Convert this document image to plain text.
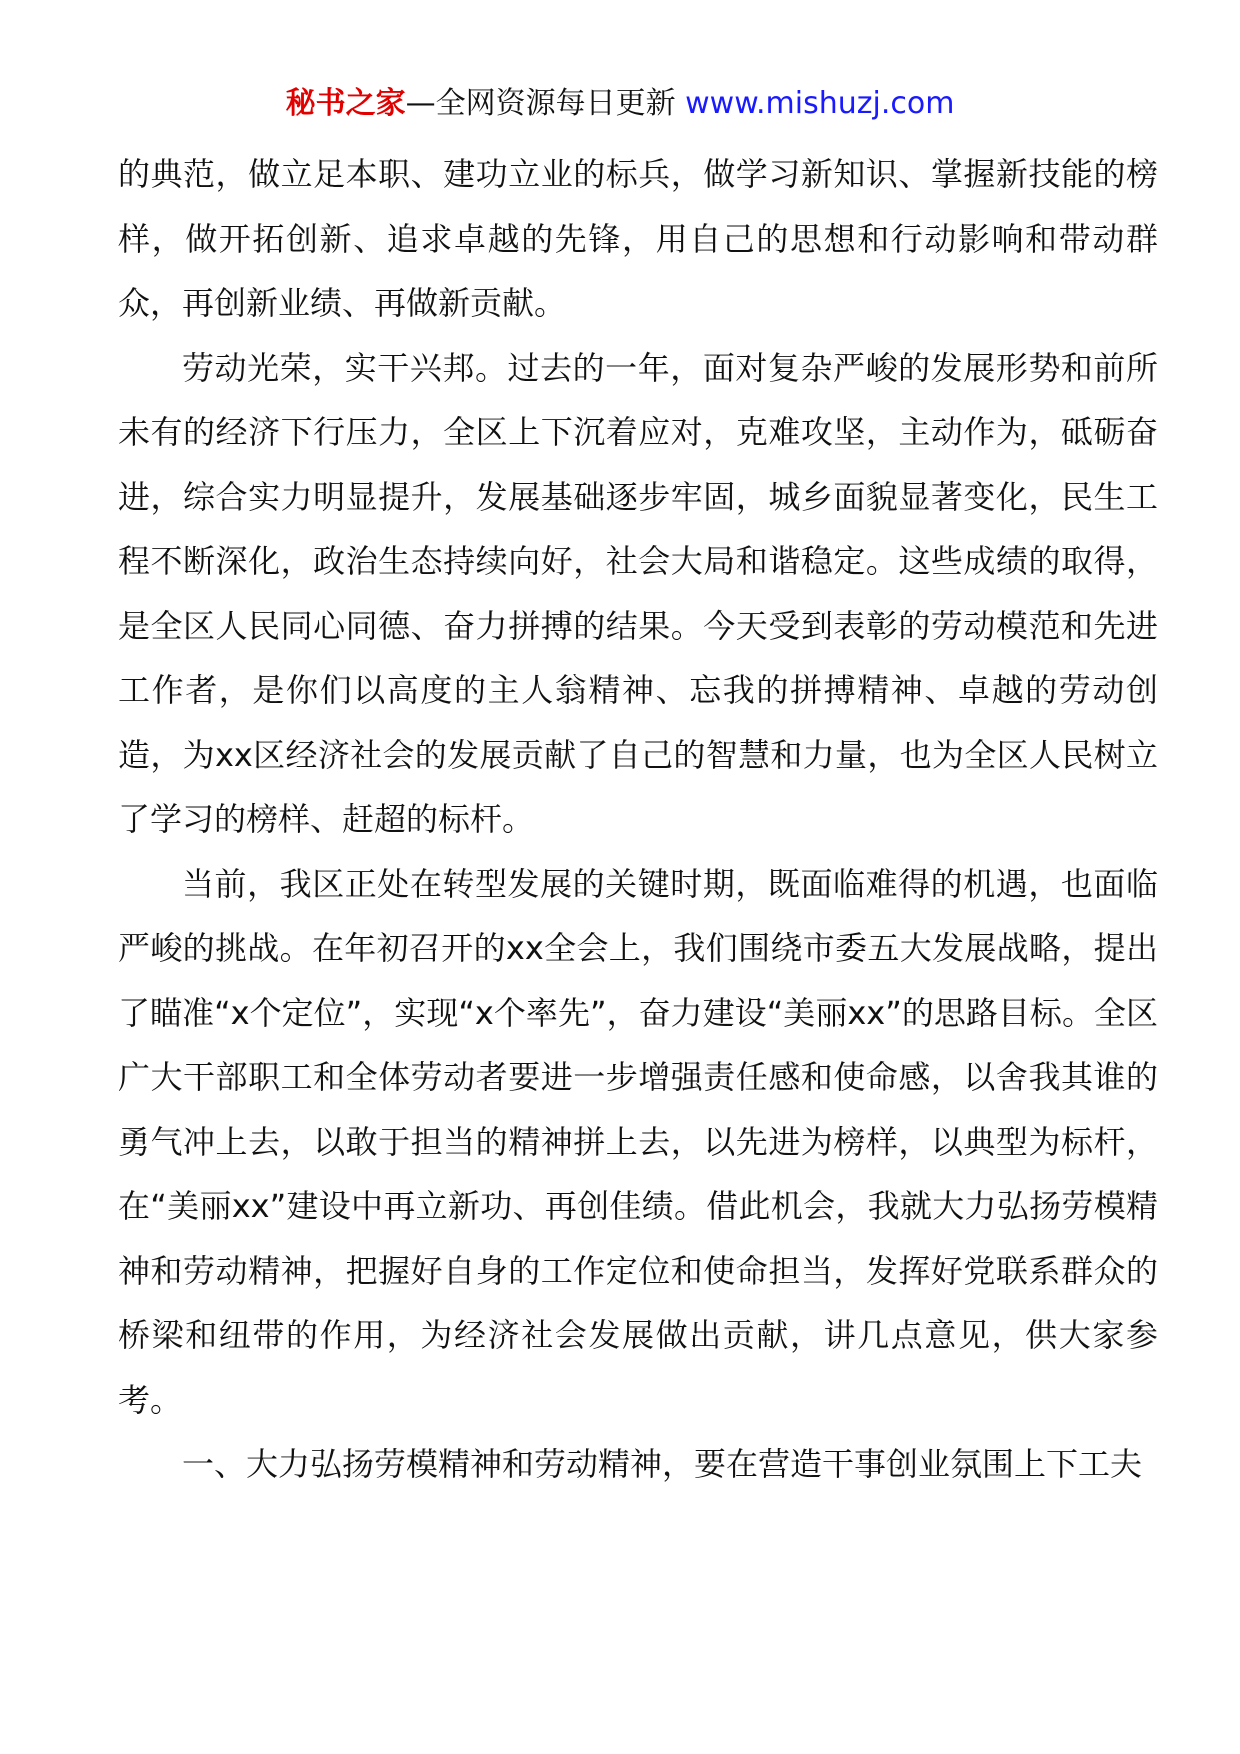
秘书之家—全网资源每日更新 www.mishuzj.com

的典范，做立足本职、建功立业的标兵，做学习新知识、掌握新技能的榜样，做开拓创新、追求卓越的先锋，用自己的思想和行动影响和带动群众，再创新业绩、再做新贡献。

劳动光荣，实干兴邦。过去的一年，面对复杂严峻的发展形势和前所未有的经济下行压力，全区上下沉着应对，克难攻坚，主动作为，砥砺奋进，综合实力明显提升，发展基础逐步牢固，城乡面貌显著变化，民生工程不断深化，政治生态持续向好，社会大局和谐稳定。这些成绩的取得，是全区人民同心同德、奋力拼搏的结果。今天受到表彰的劳动模范和先进工作者，是你们以高度的主人翁精神、忘我的拼搏精神、卓越的劳动创造，为xx区经济社会的发展贡献了自己的智慧和力量，也为全区人民树立了学习的榜样、赶超的标杆。

当前，我区正处在转型发展的关键时期，既面临难得的机遇，也面临严峻的挑战。在年初召开的xx全会上，我们围绕市委五大发展战略，提出了瞄准“x个定位”，实现“x个率先”，奋力建设“美丽xx”的思路目标。全区广大干部职工和全体劳动者要进一步增强责任感和使命感，以舍我其谁的勇气冲上去，以敢于担当的精神拼上去，以先进为榜样，以典型为标杆，在“美丽xx”建设中再立新功、再创佳绩。借此机会，我就大力弘扬劳模精神和劳动精神，把握好自身的工作定位和使命担当，发挥好党联系群众的桥梁和纽带的作用，为经济社会发展做出贡献，讲几点意见，供大家参考。

一、大力弘扬劳模精神和劳动精神，要在营造干事创业氛围上下工夫
